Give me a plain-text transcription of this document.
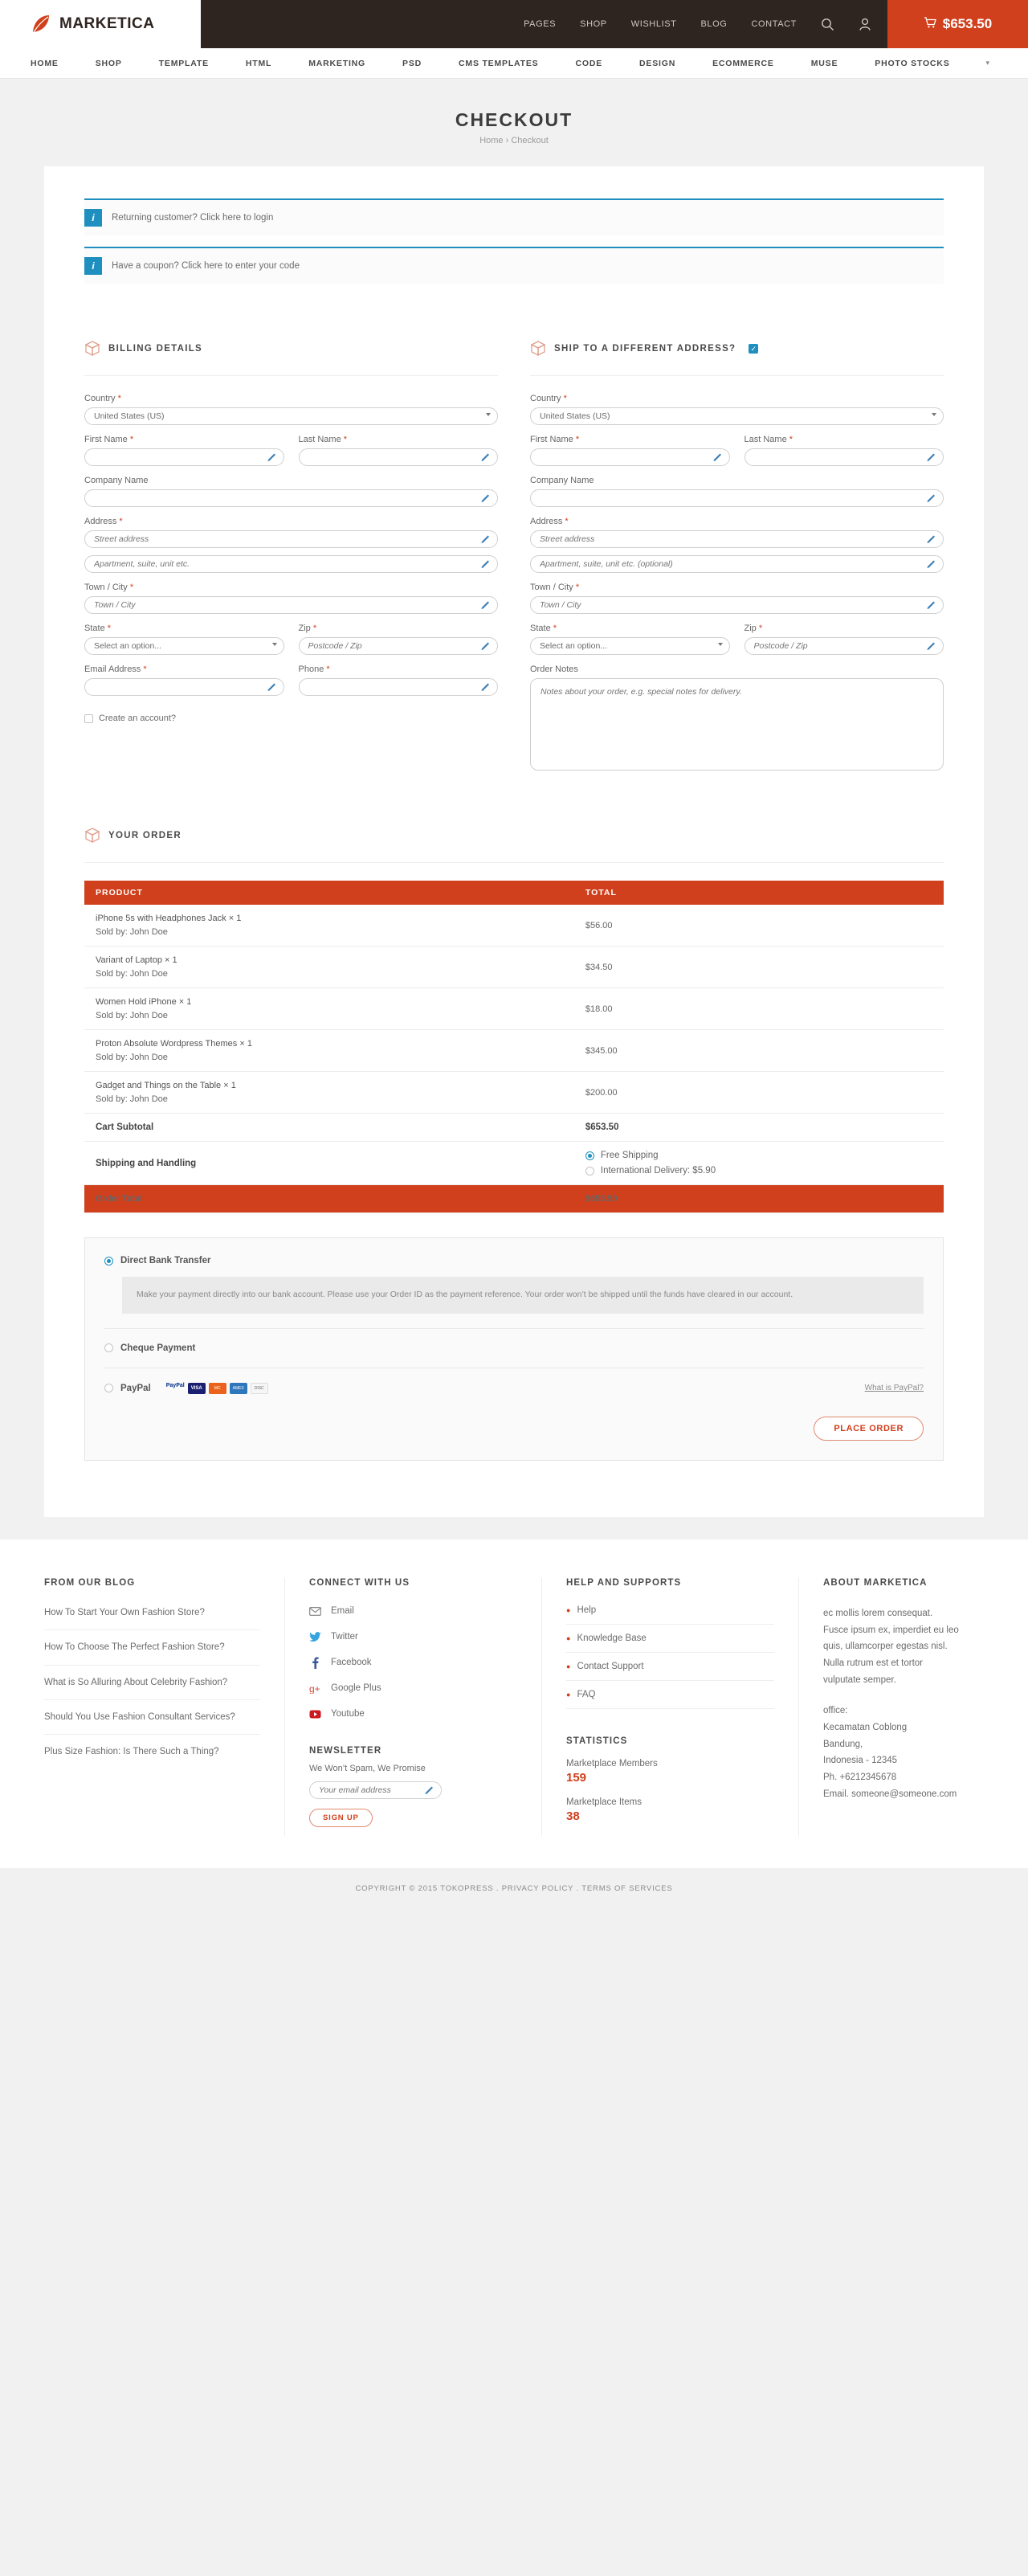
MARKETICA	PAGES	SHOP	WISHLIST	BLOG	CONTACT	$653.50
HOME	SHOP	TEMPLATE	HTML	MARKETING	PSD	CMS TEMPLATES	CODE	DESIGN	ECOMMERCE	MUSE	PHOTO STOCKS	▾
CHECKOUT
Home › Checkout
i	Returning customer? Click here to login
i	Have a coupon? Click here to enter your code
BILLING DETAILS	SHIP TO A DIFFERENT ADDRESS? ✓
Country *
United States (US)
First Name *	Last Name *
Company Name
Address *
Street address
Apartment, suite, unit etc.
Town / City *
Town / City
State *
Select an option...	Zip *
Postcode / Zip
Email Address *	Phone *
Create an account?
Country *
United States (US)
First Name *	Last Name *
Company Name
Address *
Street address
Apartment, suite, unit etc. (optional)
Town / City *
Town / City
State *
Select an option...	Zip *
Postcode / Zip
Order Notes
Notes about your order, e.g. special notes for delivery.
YOUR ORDER
PRODUCT	TOTAL

iPhone 5s with Headphones Jack × 1
Sold by: John Doe	$56.00

Variant of Laptop × 1
Sold by: John Doe	$34.50

Women Hold iPhone × 1
Sold by: John Doe	$18.00

Proton Absolute Wordpress Themes × 1
Sold by: John Doe	$345.00

Gadget and Things on the Table × 1
Sold by: John Doe	$200.00
Cart Subtotal	$653.50
Shipping and Handling	Free Shipping
International Delivery: $5.90

Order Total	$653.50
Direct Bank Transfer
Make your payment directly into our bank account. Please use your Order ID as the payment reference. Your order won’t be shipped until the funds have cleared in our account.
Cheque Payment
PayPal	PayPal
	VISA	MC	AMEX	DISC	What is PayPal?
PLACE ORDER
FROM OUR BLOG
How To Start Your Own Fashion Store?
How To Choose The Perfect Fashion Store?
What is So Alluring About Celebrity Fashion?
Should You Use Fashion Consultant Services?
Plus Size Fashion: Is There Such a Thing?
CONNECT WITH US
Email
Twitter
Facebook
g+ Google Plus
Youtube
NEWSLETTER
We Won’t Spam, We Promise
Your email address
SIGN UP
HELP AND SUPPORTS
● Help
● Knowledge Base
● Contact Support
● FAQ
STATISTICS
Marketplace Members
159
Marketplace Items
38
ABOUT MARKETICA
ec mollis lorem consequat. Fusce ipsum ex, imperdiet eu leo quis, ullamcorper egestas nisl. Nulla rutrum est et tortor vulputate semper.
office:
Kecamatan Coblong
Bandung,
Indonesia - 12345
Ph. +6212345678
Email. someone@someone.com
COPYRIGHT © 2015 TOKOPRESS . PRIVACY POLICY . TERMS OF SERVICES
